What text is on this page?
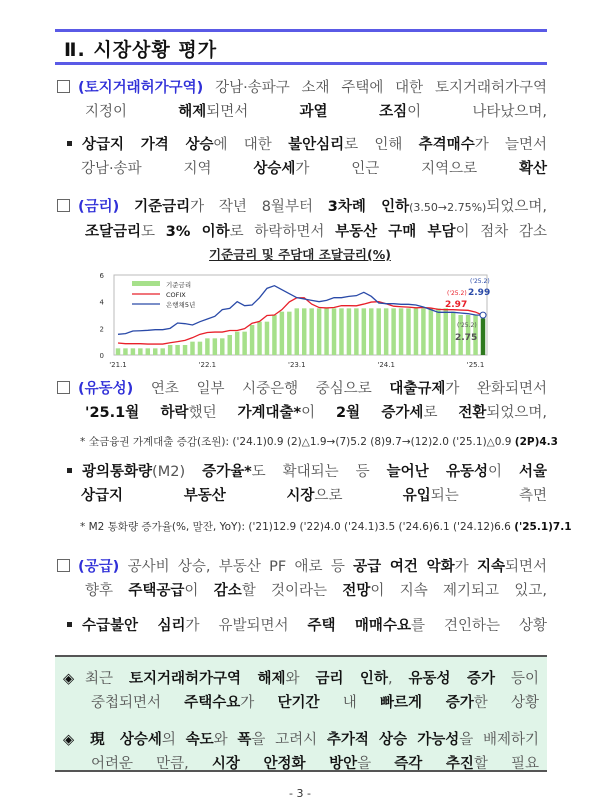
Ⅱ. 시장상황 평가
(토지거래허가구역) 강남·송파구 소재 주택에 대한 토지거래허가구역
지정이 해제되면서 과열 조짐이 나타났으며,
상급지 가격 상승에 대한 불안심리로 인해 추격매수가 늘면서
강남·송파 지역 상승세가 인근 지역으로 확산
(금리) 기준금리가 작년 8월부터 3차례 인하(3.50→2.75%)되었으며,
조달금리도 3% 이하로 하락하면서 부동산 구매 부담이 점차 감소
기준금리 및 주담대 조달금리(%)
0
2
4
6
'21.1	'22.1	'23.1	'24.1	'25.1
기준금리
COFIX
은행채5년
('25.2)
2.99
('25.2)
2.97
('25.2)
2.75
(유동성) 연초 일부 시중은행 중심으로 대출규제가 완화되면서
'25.1월 하락했던 가계대출*이 2월 증가세로 전환되었으며,
* 全금융권 가계대출 증감(조원): ('24.1)0.9 (2)△1.9→(7)5.2 (8)9.7→(12)2.0 ('25.1)△0.9 (2P)4.3
광의통화량(M2) 증가율*도 확대되는 등 늘어난 유동성이 서울
상급지 부동산 시장으로 유입되는 측면
* M2 통화량 증가율(%, 말잔, YoY): ('21)12.9 ('22)4.0 ('24.1)3.5 ('24.6)6.1 ('24.12)6.6 ('25.1)7.1
(공급) 공사비 상승, 부동산 PF 애로 등 공급 여건 악화가 지속되면서
향후 주택공급이 감소할 것이라는 전망이 지속 제기되고 있고,
수급불안 심리가 유발되면서 주택 매매수요를 견인하는 상황
◈ 최근 토지거래허가구역 해제와 금리 인하, 유동성 증가 등이
중첩되면서 주택수요가 단기간 내 빠르게 증가한 상황
◈ 現 상승세의 속도와 폭을 고려시 추가적 상승 가능성을 배제하기
어려운 만큼, 시장 안정화 방안을 즉각 추진할 필요
- 3 -
